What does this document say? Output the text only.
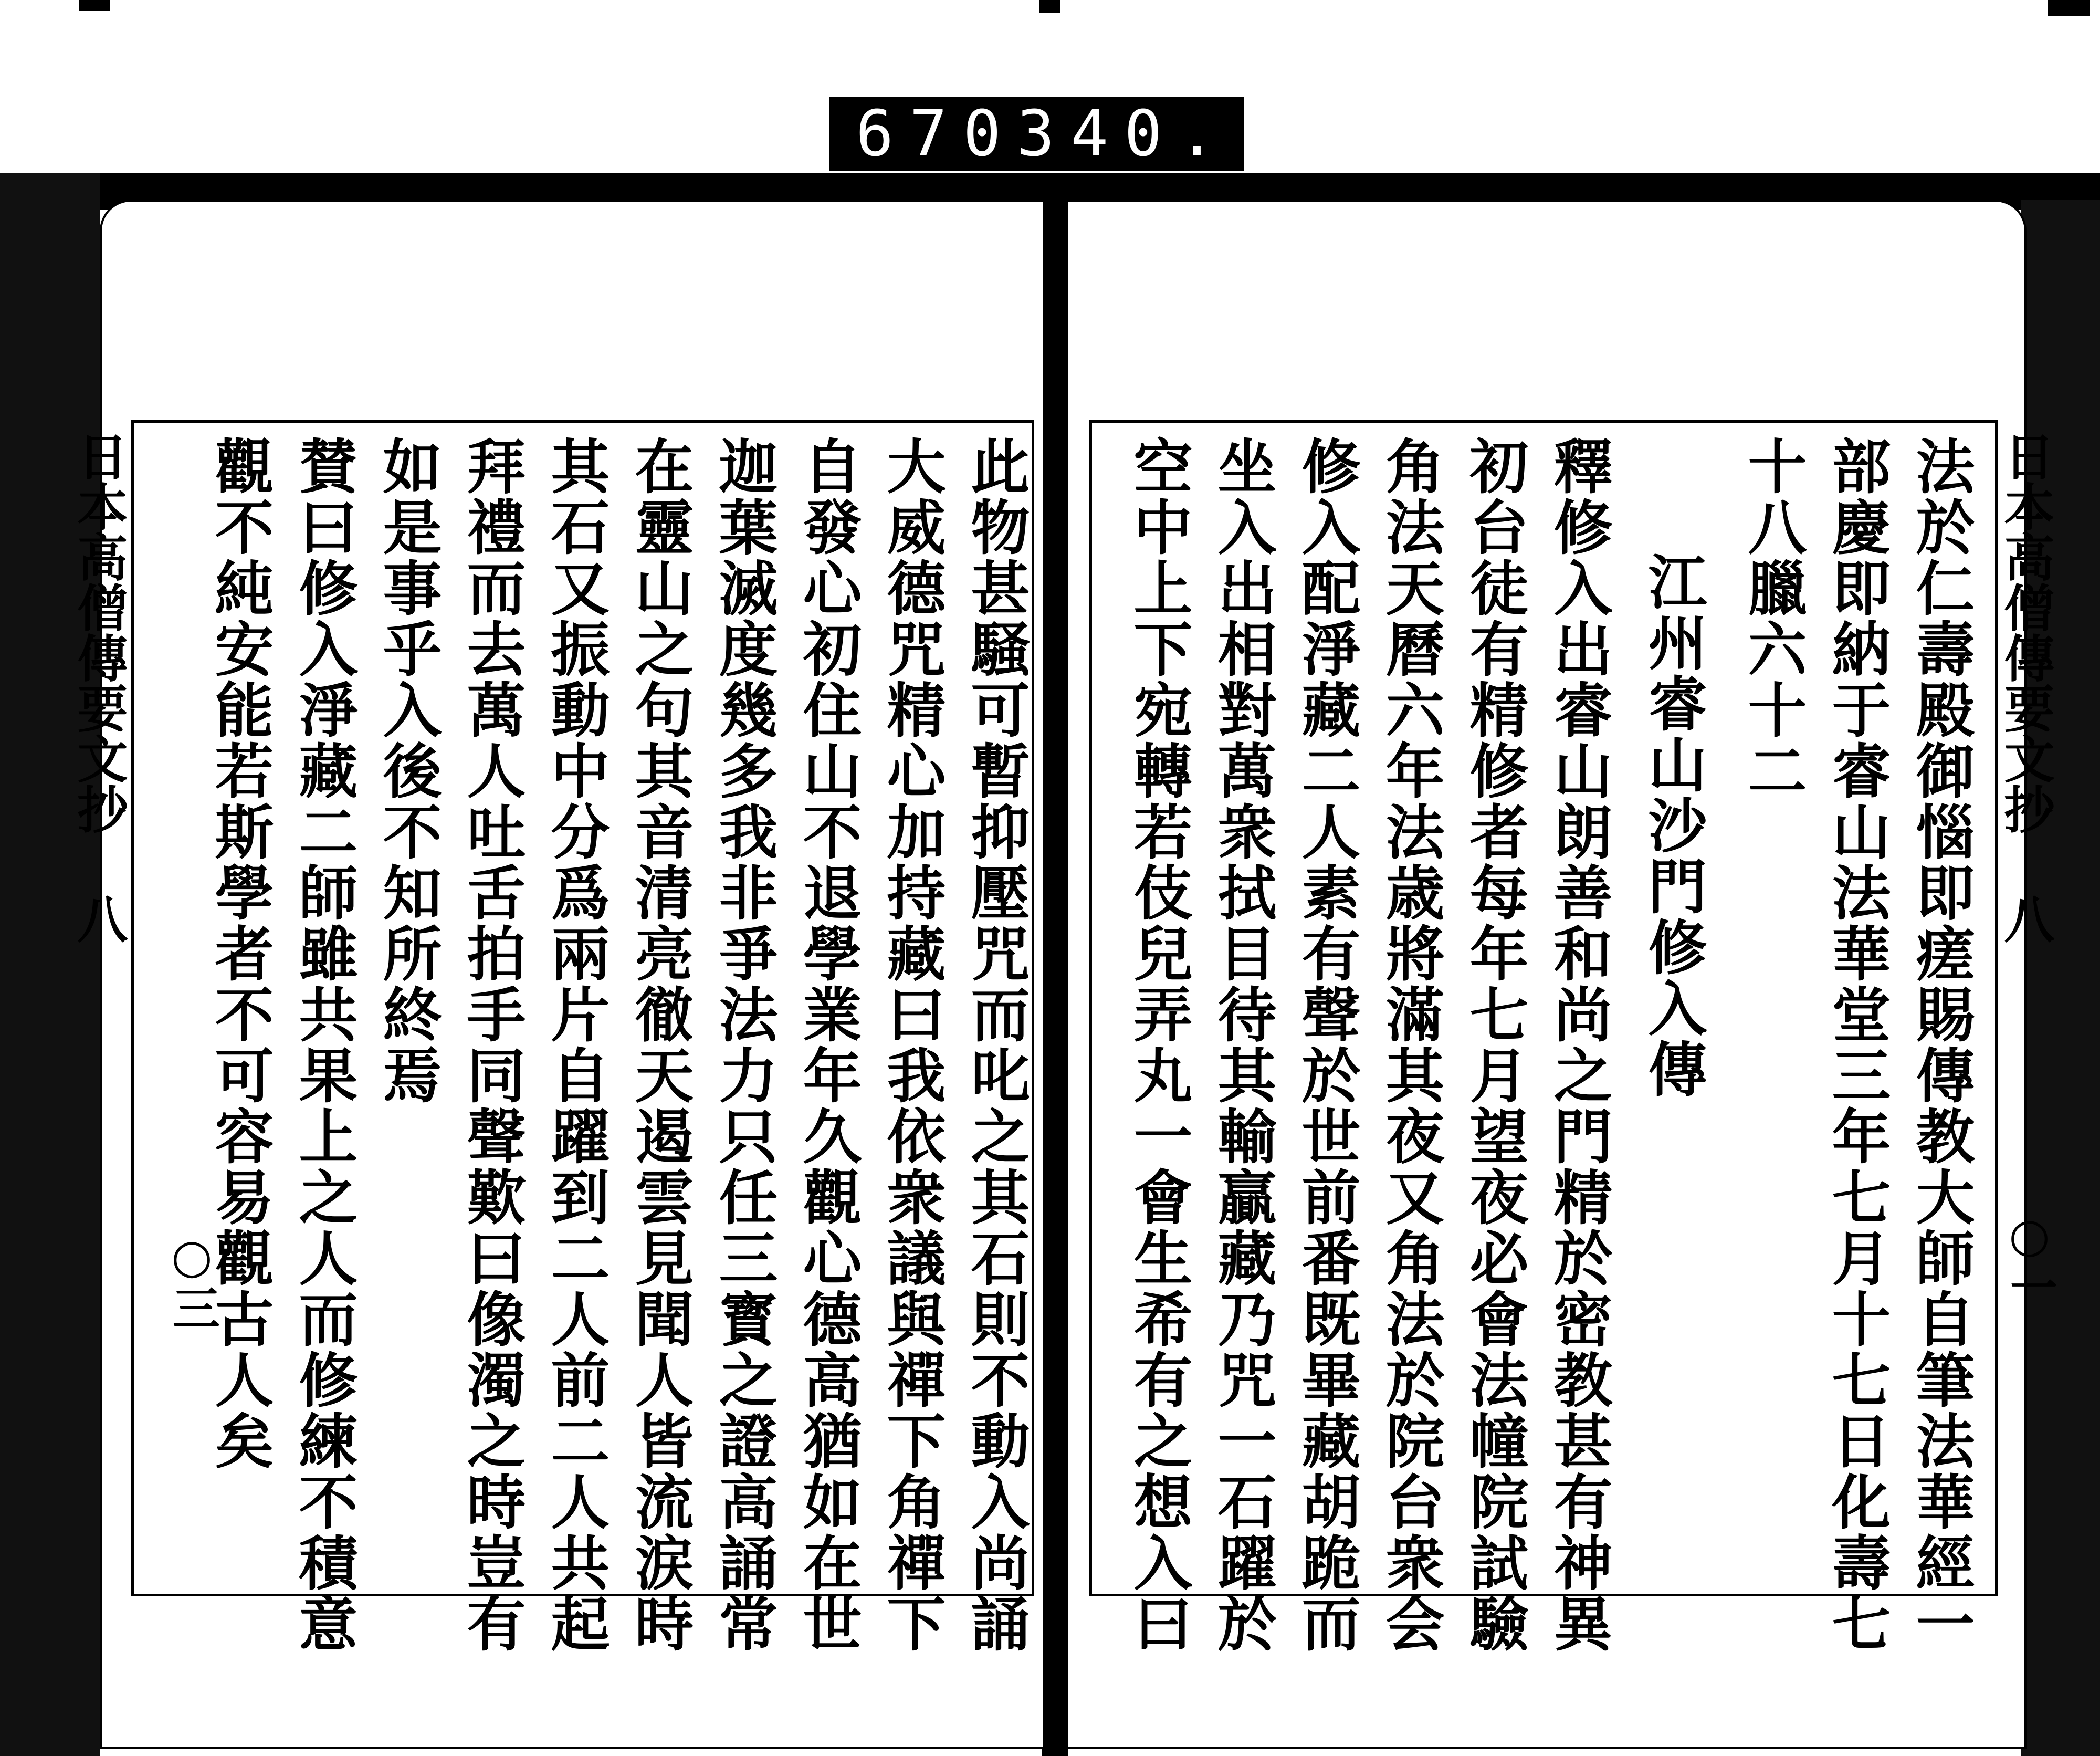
670 340.
日本高僧傳要文抄 八
○三	此物甚騒可暫抑壓咒而叱之其石則不動入尚誦
大威德咒精心加持藏曰我依衆議與禪下角禪下
自發心初住山不退學業年久觀心德高猶如在世
迦葉滅度幾多我非爭法力只任三寳之證高誦常
在靈山之句其音清亮徹天遏雲見聞人皆流涙時
其石又振動中分爲兩片自躍到二人前二人共起
拜禮而去萬人吐舌拍手同聲歎曰像濁之時豈有
如是事乎入後不知所終焉
賛曰修入淨藏二師雖共果上之人而修練不積意
觀不純安能若斯學者不可容易觀古人矣	法於仁壽殿御惱即瘥賜傳教大師自筆法華經一
部慶即納于睿山法華堂三年七月十七日化壽七
十八臘六十二
江州睿山沙門修入傳
釋修入出睿山朗善和尚之門精於密教甚有神異
初台徒有精修者每年七月望夜必會法幢院試驗
角法天曆六年法歳將滿其夜又角法於院台衆会
修入配淨藏二人素有聲於世前番既畢藏胡跪而
坐入出相對萬衆拭目待其輸贏藏乃咒一石躍於
空中上下宛轉若伎兒弄丸一會生希有之想入曰	日本高僧傳要文抄 八
○一
